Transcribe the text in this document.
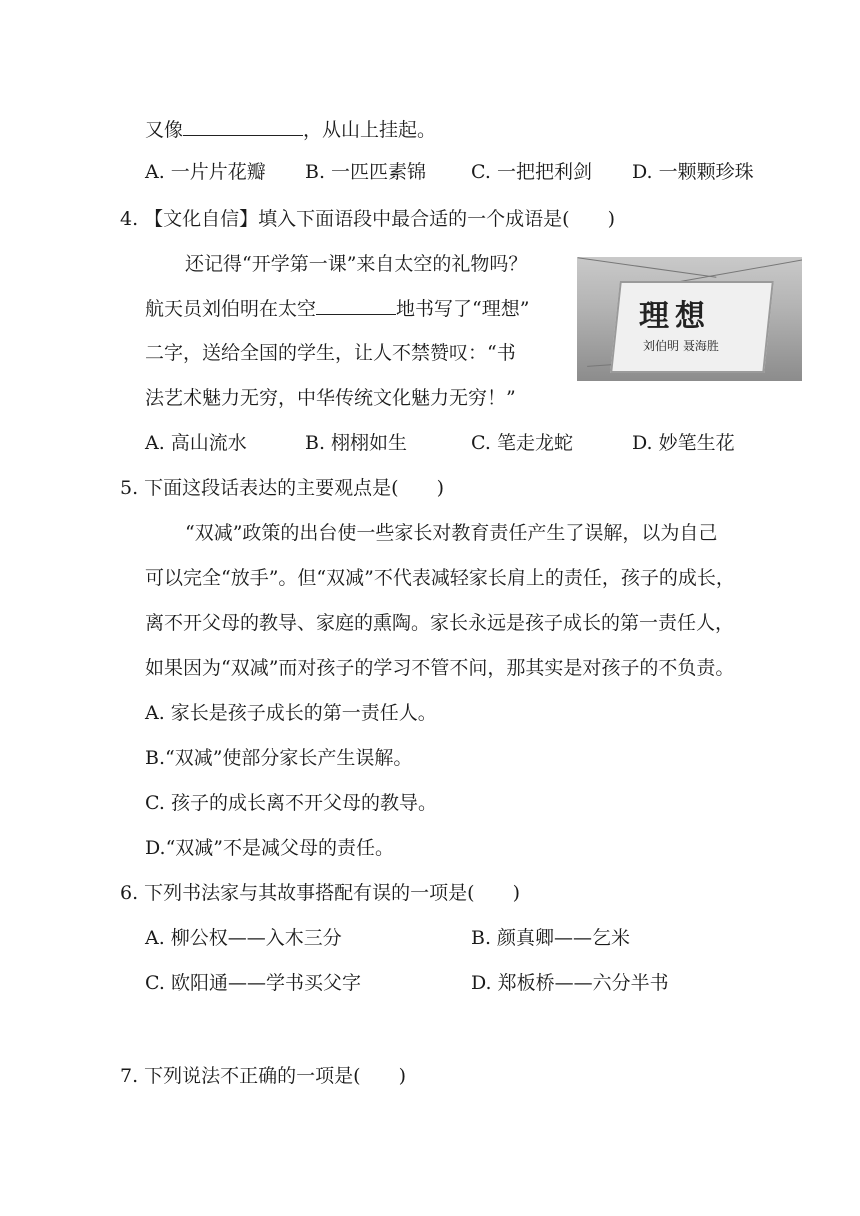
又像	，从山上挂起。
A. 一片片花瓣 B. 一匹匹素锦 C. 一把把利剑 D. 一颗颗珍珠
4. 【文化自信】填入下面语段中最合适的一个成语是(　　)
还记得“开学第一课”来自太空的礼物吗？
航天员刘伯明在太空	地书写了“理想”
二字，送给全国的学生，让人不禁赞叹：“书
法艺术魅力无穷，中华传统文化魅力无穷！”
理想
刘伯明 聂海胜
A. 高山流水	B. 栩栩如生	C. 笔走龙蛇	D. 妙笔生花
5. 下面这段话表达的主要观点是(　　)
“双减”政策的出台使一些家长对教育责任产生了误解，以为自己
可以完全“放手”。但“双减”不代表减轻家长肩上的责任，孩子的成长，
离不开父母的教导、家庭的熏陶。家长永远是孩子成长的第一责任人，
如果因为“双减”而对孩子的学习不管不问，那其实是对孩子的不负责。
A. 家长是孩子成长的第一责任人。
B.“双减”使部分家长产生误解。
C. 孩子的成长离不开父母的教导。
D.“双减”不是减父母的责任。
6. 下列书法家与其故事搭配有误的一项是(　　)
A. 柳公权——入木三分	B. 颜真卿——乞米
C. 欧阳通——学书买父字	D. 郑板桥——六分半书
7. 下列说法不正确的一项是(　　)
